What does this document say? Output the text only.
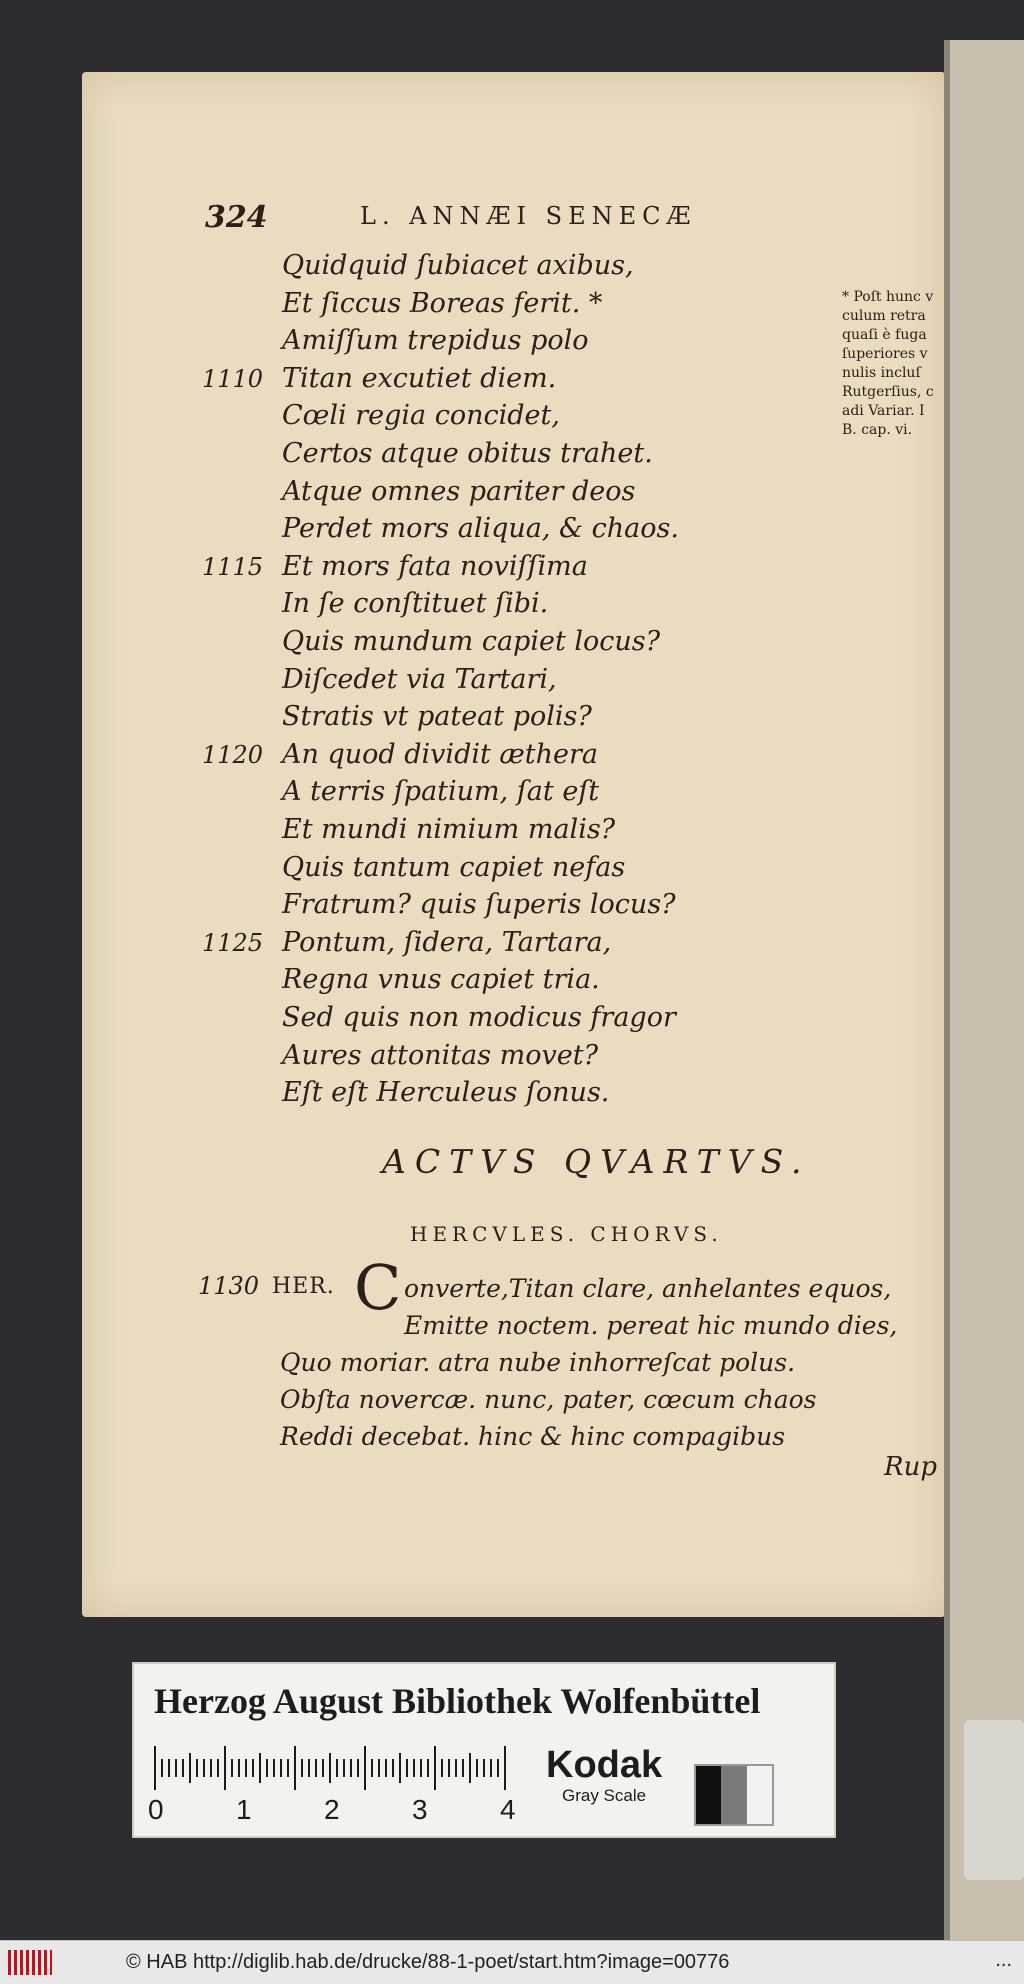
324	L. ANNÆI SENECÆ
Quidquid ſubiacet axibus,
Et ſiccus Boreas ferit. *
Amiſſum trepidus polo
1110 Titan excutiet diem.
Cœli regia concidet,
Certos atque obitus trahet.
Atque omnes pariter deos
Perdet mors aliqua, & chaos.
1115 Et mors fata noviſſima
In ſe conſtituet ſibi.
Quis mundum capiet locus?
Diſcedet via Tartari,
Stratis vt pateat polis?
1120 An quod dividit æthera
A terris ſpatium, ſat eſt
Et mundi nimium malis?
Quis tantum capiet nefas
Fratrum? quis ſuperis locus?
1125 Pontum, ſidera, Tartara,
Regna vnus capiet tria.
Sed quis non modicus fragor
Aures attonitas movet?
Eſt eſt Herculeus ſonus.
ACTVS QVARTVS.
HERCVLES. CHORVS.
1130 HER. C onverte,Titan clare, anhelantes equos,
Emitte noctem. pereat hic mundo dies,
Quo moriar. atra nube inhorreſcat polus.
Obſta novercæ. nunc, pater, cœcum chaos
Reddi decebat. hinc & hinc compagibus
* Poſt hunc v
culum retra
quaſi è fuga
ſuperiores v
nulis incluſ
Rutgerſius, c
adi Variar. I
B. cap. vi.
Rup
Herzog August Bibliothek Wolfenbüttel
0	1	2	3	4
Kodak
Gray Scale
© HAB http://diglib.hab.de/drucke/88-1-poet/start.htm?image=00776	...
